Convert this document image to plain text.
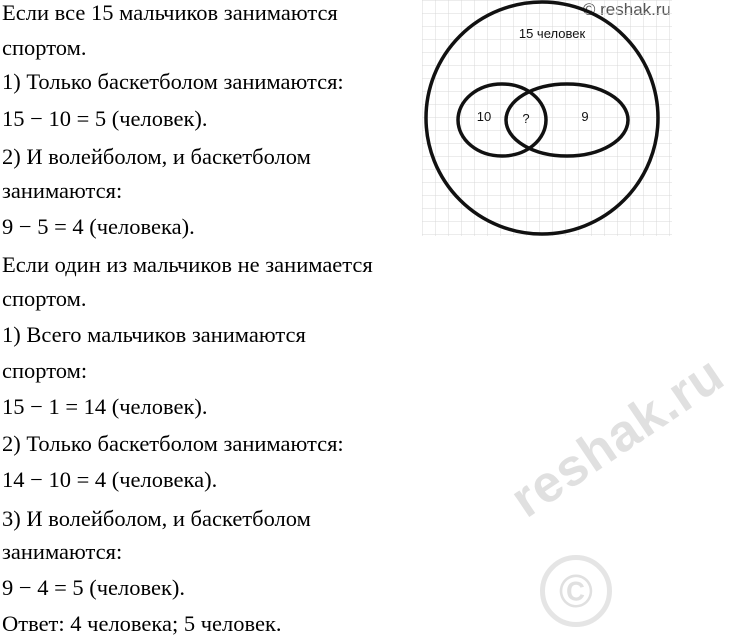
Если все 15 мальчиков занимаются
спортом.
1) Только баскетболом занимаются:
15 − 10 = 5 (человек).
2) И волейболом, и баскетболом
занимаются:
9 − 5 = 4 (человека).
Если один из мальчиков не занимается
спортом.
1) Всего мальчиков занимаются
спортом:
15 − 1 = 14 (человек).
2) Только баскетболом занимаются:
14 − 10 = 4 (человека).
3) И волейболом, и баскетболом
занимаются:
9 − 4 = 5 (человек).
Ответ: 4 человека; 5 человек.
15 человек
10 ?	9
reshak.ru
©
